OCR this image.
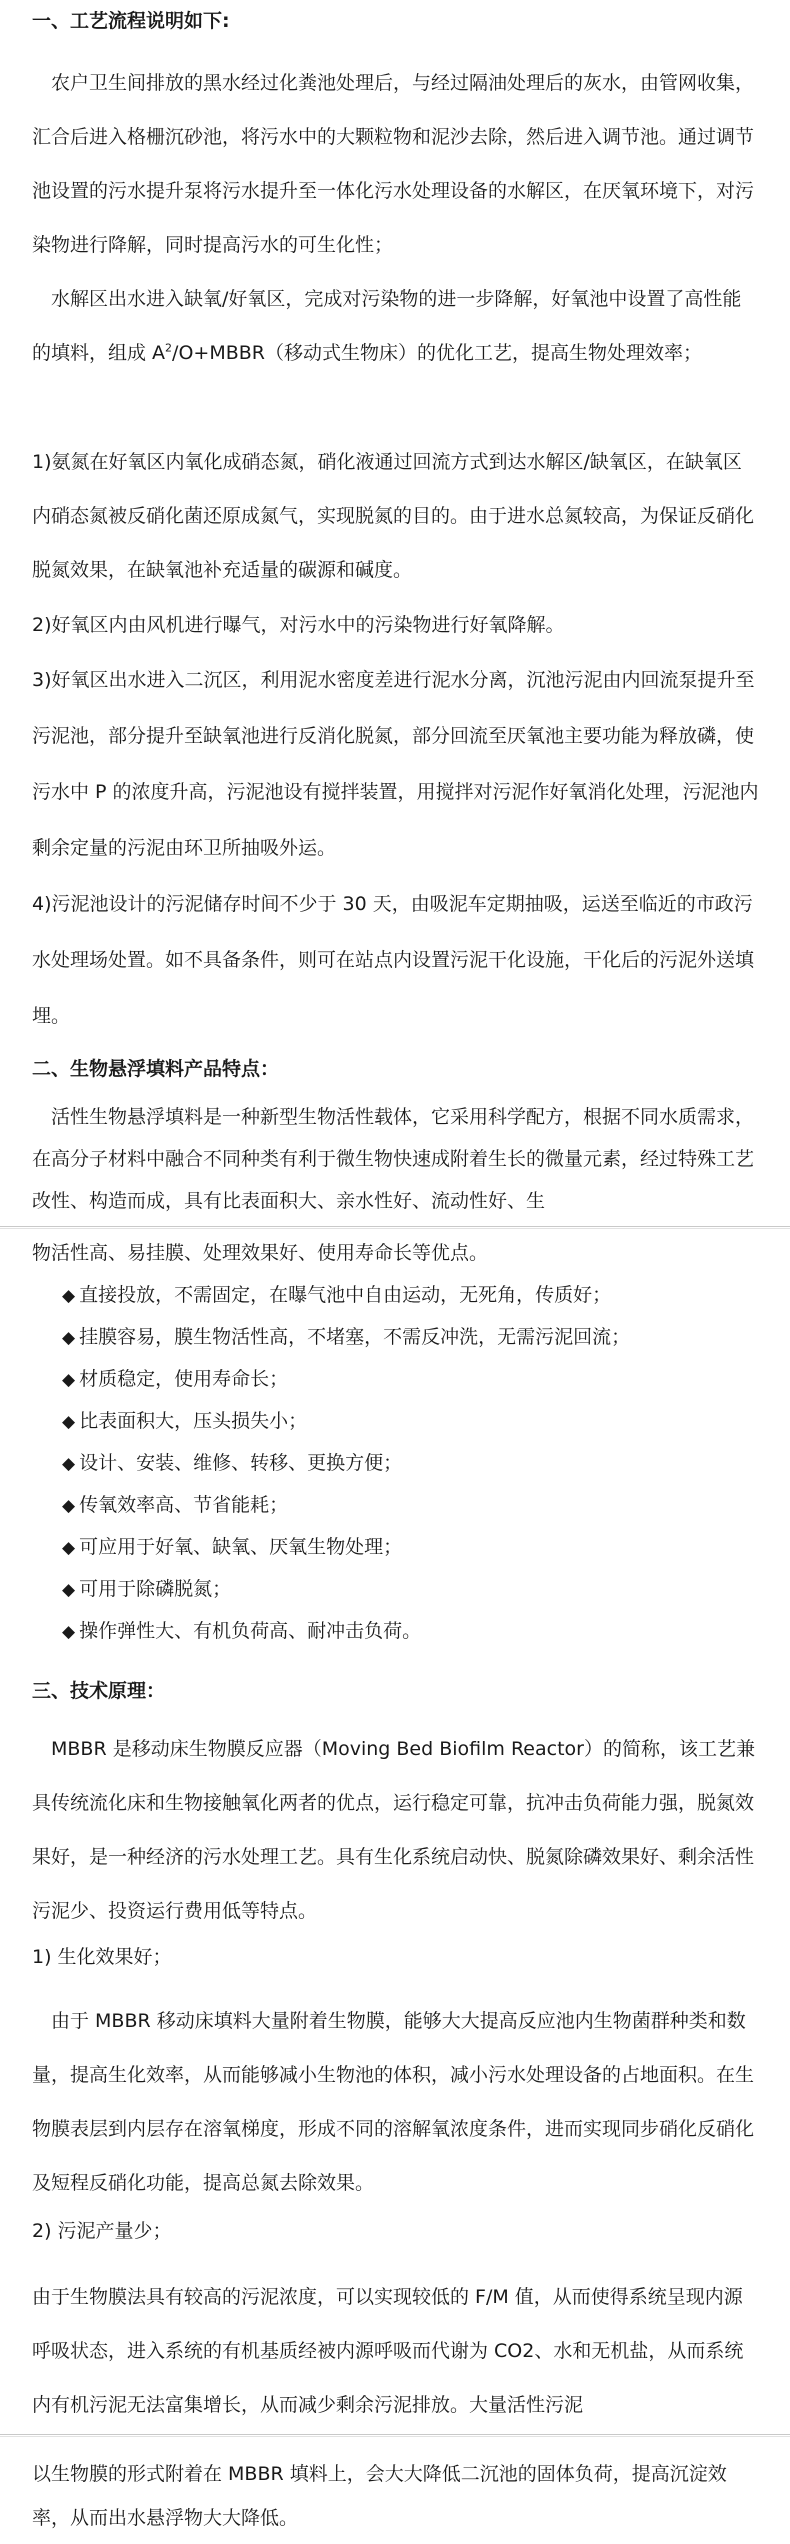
一、工艺流程说明如下:

农户卫生间排放的黑水经过化粪池处理后，与经过隔油处理后的灰水，由管网收集，汇合后进入格栅沉砂池，将污水中的大颗粒物和泥沙去除，然后进入调节池。通过调节池设置的污水提升泵将污水提升至一体化污水处理设备的水解区，在厌氧环境下，对污染物进行降解，同时提高污水的可生化性；

水解区出水进入缺氧/好氧区，完成对污染物的进一步降解，好氧池中设置了高性能的填料，组成 $A^2/O+MBBR$（移动式生物床）的优化工艺，提高生物处理效率；

1)氨氮在好氧区内氧化成硝态氮，硝化液通过回流方式到达水解区/缺氧区，在缺氧区内硝态氮被反硝化菌还原成氮气，实现脱氮的目的。由于进水总氮较高，为保证反硝化脱氮效果，在缺氧池补充适量的碳源和碱度。

2)好氧区内由风机进行曝气，对污水中的污染物进行好氧降解。

3)好氧区出水进入二沉区，利用泥水密度差进行泥水分离，沉池污泥由内回流泵提升至污泥池，部分提升至缺氧池进行反消化脱氮，部分回流至厌氧池主要功能为释放磷，使污水中 P 的浓度升高，污泥池设有搅拌装置，用搅拌对污泥作好氧消化处理，污泥池内剩余定量的污泥由环卫所抽吸外运。

4)污泥池设计的污泥储存时间不少于 30 天，由吸泥车定期抽吸，运送至临近的市政污水处理场处置。如不具备条件，则可在站点内设置污泥干化设施，干化后的污泥外送填埋。

二、生物悬浮填料产品特点：

活性生物悬浮填料是一种新型生物活性载体，它采用科学配方，根据不同水质需求，在高分子材料中融合不同种类有利于微生物快速成附着生长的微量元素，经过特殊工艺改性、构造而成，具有比表面积大、亲水性好、流动性好、生

物活性高、易挂膜、处理效果好、使用寿命长等优点。

◆ 直接投放，不需固定，在曝气池中自由运动，无死角，传质好；

◆ 挂膜容易，膜生物活性高，不堵塞，不需反冲洗，无需污泥回流；

◆ 材质稳定，使用寿命长；

◆ 比表面积大，压头损失小；

◆ 设计、安装、维修、转移、更换方便；

◆ 传氧效率高、节省能耗；

◆ 可应用于好氧、缺氧、厌氧生物处理；

◆ 可用于除磷脱氮；

◆ 操作弹性大、有机负荷高、耐冲击负荷。

三、技术原理：

MBBR 是移动床生物膜反应器（Moving Bed Biofilm Reactor）的简称，该工艺兼具传统流化床和生物接触氧化两者的优点，运行稳定可靠，抗冲击负荷能力强，脱氮效果好，是一种经济的污水处理工艺。具有生化系统启动快、脱氮除磷效果好、剩余活性污泥少、投资运行费用低等特点。

1) 生化效果好；

由于 MBBR 移动床填料大量附着生物膜，能够大大提高反应池内生物菌群种类和数量，提高生化效率，从而能够减小生物池的体积，减小污水处理设备的占地面积。在生物膜表层到内层存在溶氧梯度，形成不同的溶解氧浓度条件，进而实现同步硝化反硝化及短程反硝化功能，提高总氮去除效果。

2) 污泥产量少；

由于生物膜法具有较高的污泥浓度，可以实现较低的 F/M 值，从而使得系统呈现内源呼吸状态，进入系统的有机基质经被内源呼吸而代谢为 CO2、水和无机盐，从而系统内有机污泥无法富集增长，从而减少剩余污泥排放。大量活性污泥

以生物膜的形式附着在 MBBR 填料上，会大大降低二沉池的固体负荷，提高沉淀效率，从而出水悬浮物大大降低。
